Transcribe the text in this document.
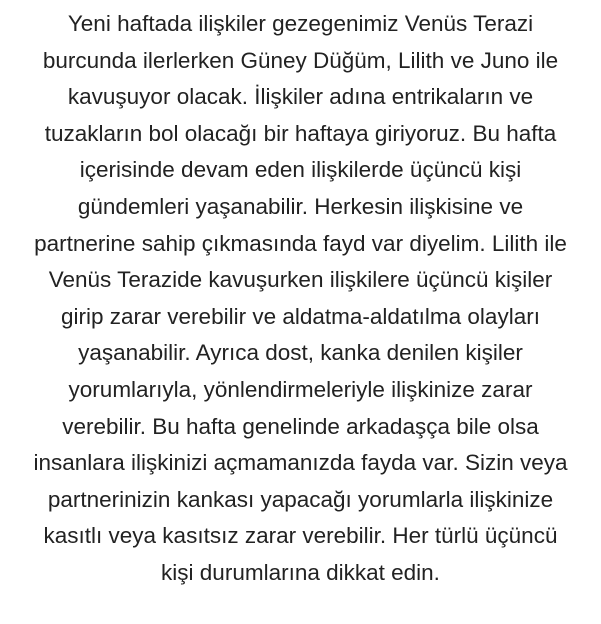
Yeni haftada ilişkiler gezegenimiz Venüs Terazi
burcunda ilerlerken Güney Düğüm, Lilith ve Juno ile
kavuşuyor olacak. İlişkiler adına entrikaların ve
tuzakların bol olacağı bir haftaya giriyoruz. Bu hafta
içerisinde devam eden ilişkilerde üçüncü kişi
gündemleri yaşanabilir. Herkesin ilişkisine ve
partnerine sahip çıkmasında fayd var diyelim. Lilith ile
Venüs Terazide kavuşurken ilişkilere üçüncü kişiler
girip zarar verebilir ve aldatma-aldatılma olayları
yaşanabilir. Ayrıca dost, kanka denilen kişiler
yorumlarıyla, yönlendirmeleriyle ilişkinize zarar
verebilir. Bu hafta genelinde arkadaşça bile olsa
insanlara ilişkinizi açmamanızda fayda var. Sizin veya
partnerinizin kankası yapacağı yorumlarla ilişkinize
kasıtlı veya kasıtsız zarar verebilir. Her türlü üçüncü
kişi durumlarına dikkat edin.
